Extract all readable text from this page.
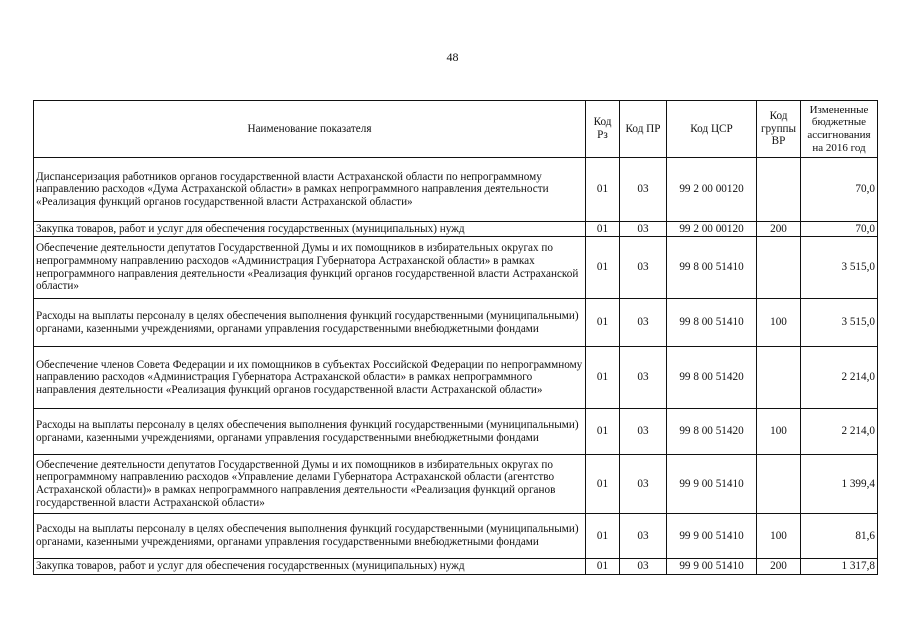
48
Наименование показателя	Код Рз	Код ПР	Код ЦСР	Код группы ВР	Измененные бюджетные ассигнования на 2016 год
Диспансеризация работников органов государственной власти Астраханской области по непрограммному направлению расходов «Дума Астраханской области» в рамках непрограммного направления деятельности «Реализация функций органов государственной власти Астраханской области»	01	03	99 2 00 00120		70,0
Закупка товаров, работ и услуг для обеспечения государственных (муниципальных) нужд	01	03	99 2 00 00120	200	70,0
Обеспечение деятельности депутатов Государственной Думы и их помощников в избирательных округах по непрограммному направлению расходов «Администрация Губернатора Астраханской области» в рамках непрограммного направления деятельности «Реализация функций органов государственной власти Астраханской области»	01	03	99 8 00 51410		3 515,0
Расходы на выплаты персоналу в целях обеспечения выполнения функций государственными (муниципальными) органами, казенными учреждениями, органами управления государственными внебюджетными фондами	01	03	99 8 00 51410	100	3 515,0
Обеспечение членов Совета Федерации и их помощников в субъектах Российской Федерации по непрограммному направлению расходов «Администрация Губернатора Астраханской области» в рамках непрограммного направления деятельности «Реализация функций органов государственной власти Астраханской области»	01	03	99 8 00 51420		2 214,0
Расходы на выплаты персоналу в целях обеспечения выполнения функций государственными (муниципальными) органами, казенными учреждениями, органами управления государственными внебюджетными фондами	01	03	99 8 00 51420	100	2 214,0
Обеспечение деятельности депутатов Государственной Думы и их помощников в избирательных округах по непрограммному направлению расходов «Управление делами Губернатора Астраханской области (агентство Астраханской области)» в рамках непрограммного направления деятельности «Реализация функций органов государственной власти Астраханской области»	01	03	99 9 00 51410		1 399,4
Расходы на выплаты персоналу в целях обеспечения выполнения функций государственными (муниципальными) органами, казенными учреждениями, органами управления государственными внебюджетными фондами	01	03	99 9 00 51410	100	81,6
Закупка товаров, работ и услуг для обеспечения государственных (муниципальных) нужд	01	03	99 9 00 51410	200	1 317,8
